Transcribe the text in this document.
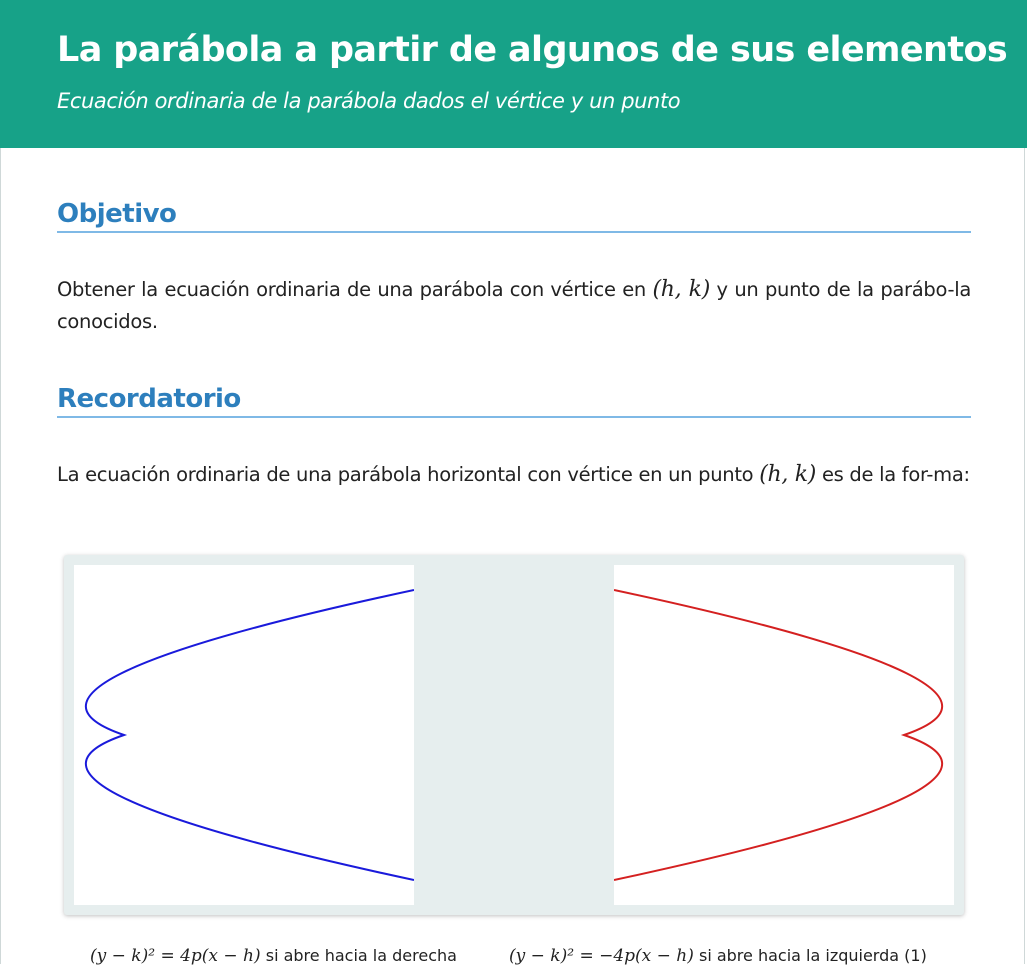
La parábola a partir de algunos de sus elementos

Ecuación ordinaria de la parábola dados el vértice y un punto

Objetivo

Obtener la ecuación ordinaria de una parábola con vértice en (h, k) y un punto de la parábo-la conocidos.

Recordatorio

La ecuación ordinaria de una parábola horizontal con vértice en un punto (h, k) es de la for-ma:

(y − k)² = 4p(x − h) si abre hacia la derecha	(y − k)² = −4p(x − h) si abre hacia la izquierda (1)
